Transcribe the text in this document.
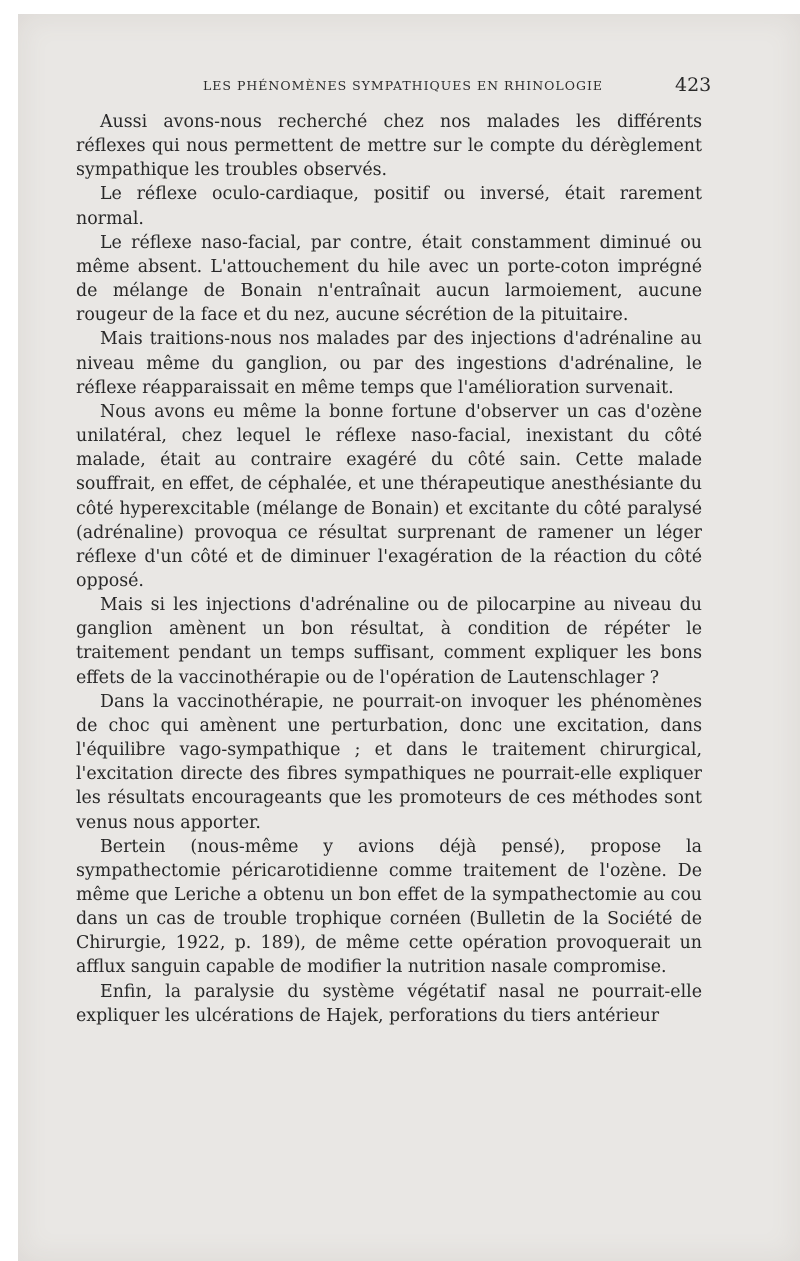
LES PHÉNOMÈNES SYMPATHIQUES EN RHINOLOGIE	423

Aussi avons-nous recherché chez nos malades les différents réflexes qui nous permettent de mettre sur le compte du dérèglement sympathique les troubles observés.

Le réflexe oculo-cardiaque, positif ou inversé, était rarement normal.

Le réflexe naso-facial, par contre, était constamment diminué ou même absent. L'attouchement du hile avec un porte-coton imprégné de mélange de Bonain n'entraînait aucun larmoiement, aucune rougeur de la face et du nez, aucune sécrétion de la pituitaire.

Mais traitions-nous nos malades par des injections d'adrénaline au niveau même du ganglion, ou par des ingestions d'adrénaline, le réflexe réapparaissait en même temps que l'amélioration survenait.

Nous avons eu même la bonne fortune d'observer un cas d'ozène unilatéral, chez lequel le réflexe naso-facial, inexistant du côté malade, était au contraire exagéré du côté sain. Cette malade souffrait, en effet, de céphalée, et une thérapeutique anesthésiante du côté hyperexcitable (mélange de Bonain) et excitante du côté paralysé (adrénaline) provoqua ce résultat surprenant de ramener un léger réflexe d'un côté et de diminuer l'exagération de la réaction du côté opposé.

Mais si les injections d'adrénaline ou de pilocarpine au niveau du ganglion amènent un bon résultat, à condition de répéter le traitement pendant un temps suffisant, comment expliquer les bons effets de la vaccinothérapie ou de l'opération de Lautenschlager ?

Dans la vaccinothérapie, ne pourrait-on invoquer les phénomènes de choc qui amènent une perturbation, donc une excitation, dans l'équilibre vago-sympathique ; et dans le traitement chirurgical, l'excitation directe des fibres sympathiques ne pourrait-elle expliquer les résultats encourageants que les promoteurs de ces méthodes sont venus nous apporter.

Bertein (nous-même y avions déjà pensé), propose la sympathectomie péricarotidienne comme traitement de l'ozène. De même que Leriche a obtenu un bon effet de la sympathectomie au cou dans un cas de trouble trophique cornéen (Bulletin de la Société de Chirurgie, 1922, p. 189), de même cette opération provoquerait un afflux sanguin capable de modifier la nutrition nasale compromise.

Enfin, la paralysie du système végétatif nasal ne pourrait-elle expliquer les ulcérations de Hajek, perforations du tiers antérieur
